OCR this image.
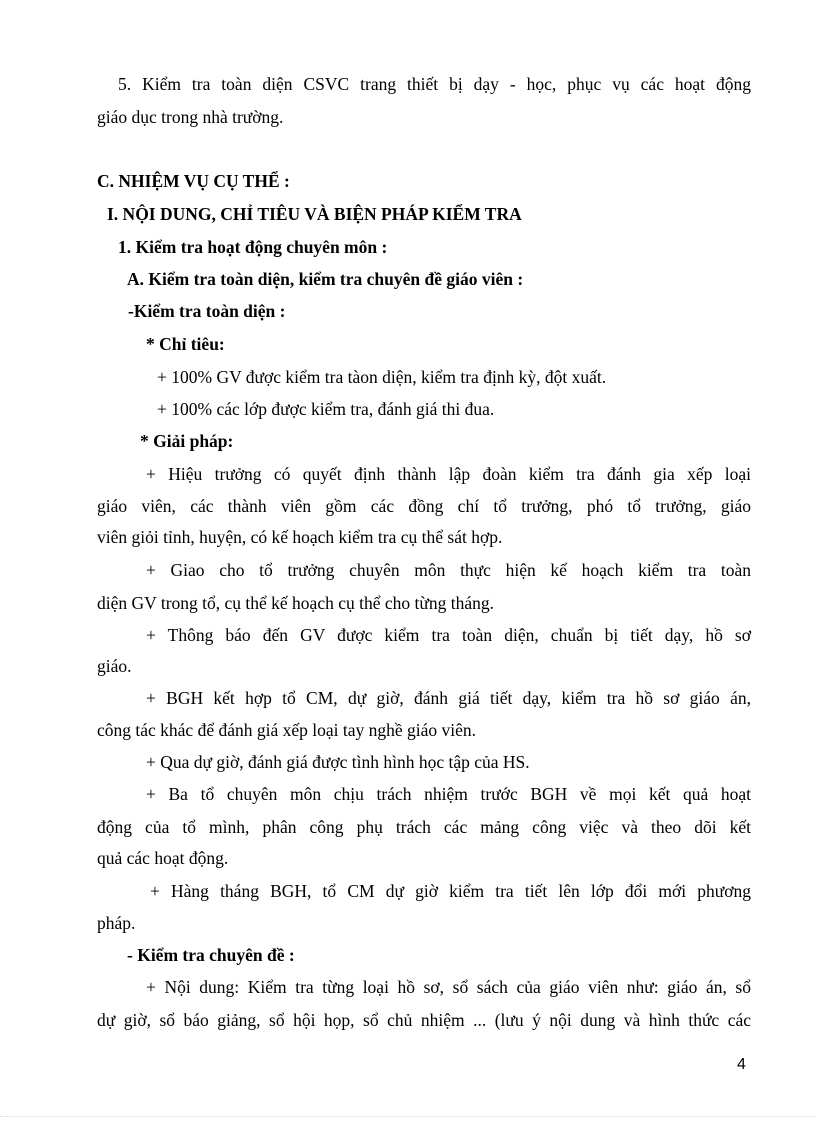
5. Kiểm tra toàn diện CSVC trang thiết bị dạy - học, phục vụ các hoạt động
giáo dục trong nhà trường.
C. NHIỆM VỤ CỤ THỂ :
I. NỘI DUNG, CHỈ TIÊU VÀ BIỆN PHÁP KIỂM TRA
1. Kiểm tra hoạt động chuyên môn :
A. Kiểm tra toàn diện, kiểm tra chuyên đề giáo viên :
-Kiểm tra toàn diện :
* Chỉ tiêu:
+ 100% GV được kiểm tra tàon diện, kiểm tra định kỳ, đột xuất.
+ 100% các lớp được kiểm tra, đánh giá thi đua.
* Giải pháp:
+ Hiệu trưởng có quyết định thành lập đoàn kiểm tra đánh gia xếp loại
giáo viên, các thành viên gồm các đồng chí tổ trưởng, phó tổ trưởng, giáo
viên giỏi tỉnh, huyện, có kế hoạch kiểm tra cụ thể sát hợp.
+ Giao cho tổ trưởng chuyên môn thực hiện kế hoạch kiểm tra toàn
diện GV trong tổ, cụ thể kế hoạch cụ thể cho từng tháng.
+ Thông báo đến GV được kiểm tra toàn diện, chuẩn bị tiết dạy, hồ sơ
giáo.
+ BGH kết hợp tổ CM, dự giờ, đánh giá tiết dạy, kiểm tra hồ sơ giáo án,
công tác khác để đánh giá xếp loại tay nghề giáo viên.
+ Qua dự giờ, đánh giá được tình hình học tập của HS.
+ Ba tổ chuyên môn chịu trách nhiệm trước BGH về mọi kết quả hoạt
động của tổ mình, phân công phụ trách các mảng công việc và theo dõi kết
quả các hoạt động.
+ Hàng tháng BGH, tổ CM dự giờ kiểm tra tiết lên lớp đổi mới phương
pháp.
- Kiểm tra chuyên đề :
+ Nội dung: Kiểm tra từng loại hồ sơ, sổ sách của giáo viên như: giáo án, sổ
dự giờ, sổ báo giảng, sổ hội họp, sổ chủ nhiệm ... (lưu ý nội dung và hình thức các
4
